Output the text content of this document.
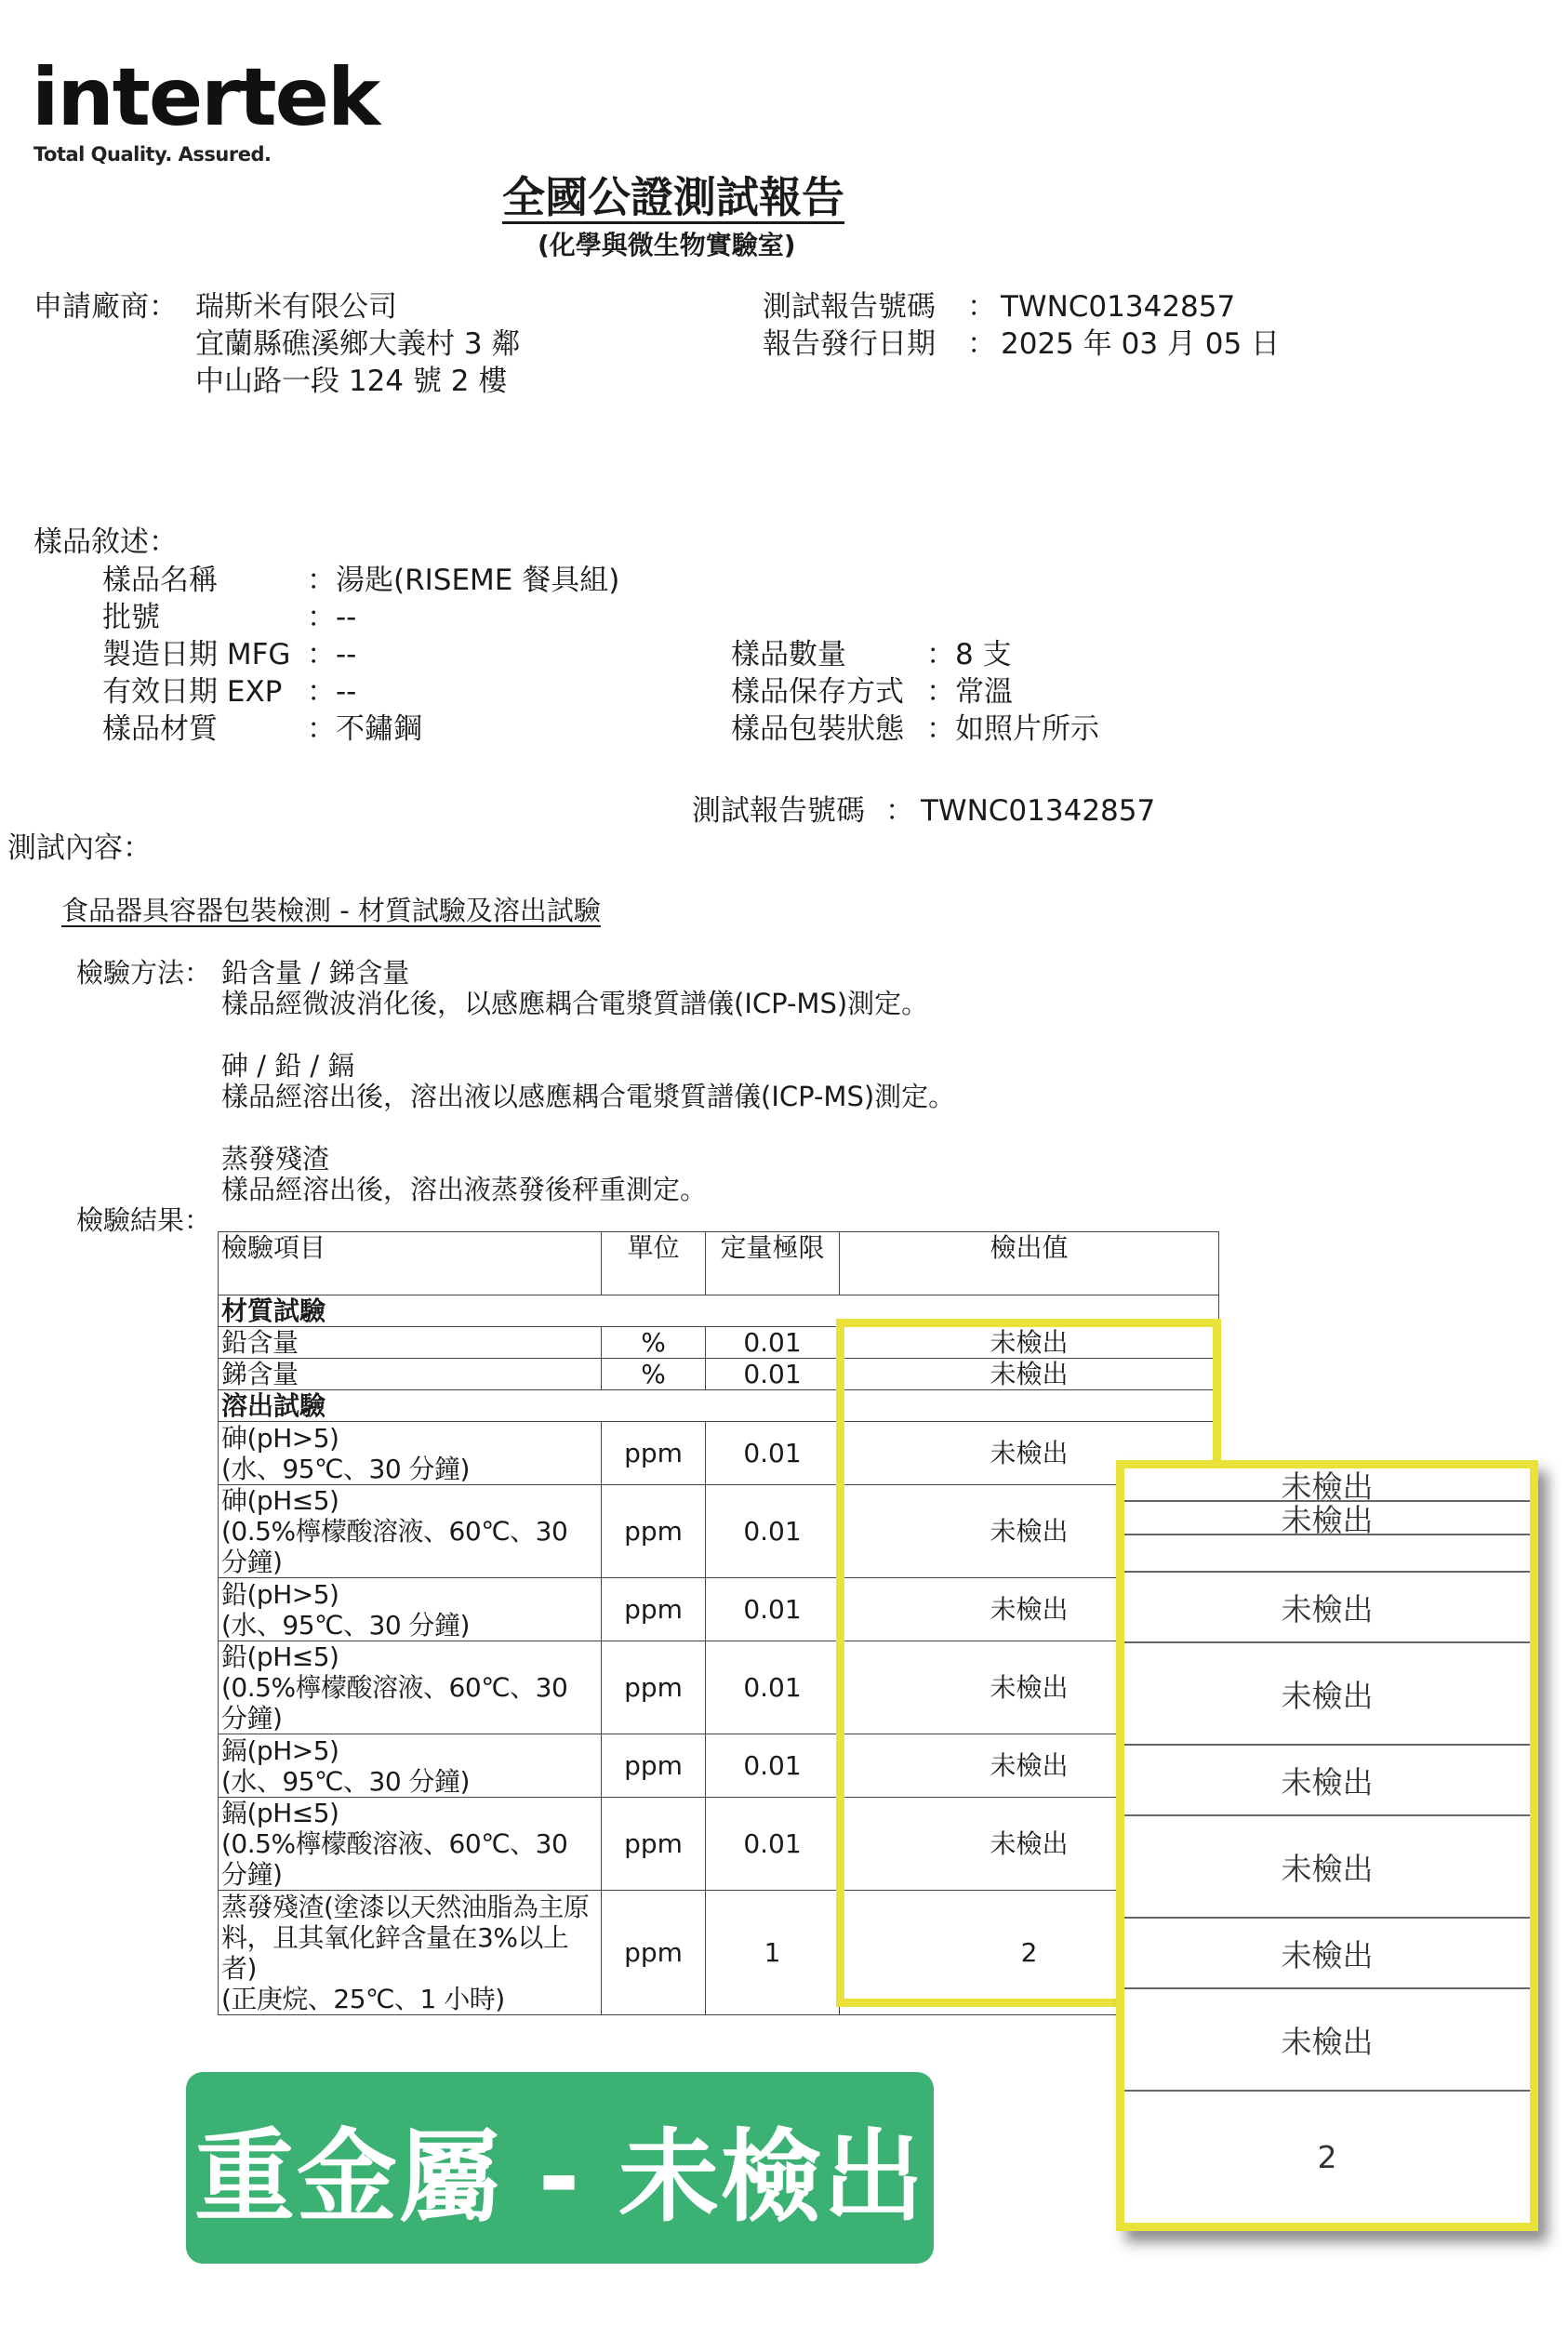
intertek
Total Quality. Assured.
全國公證測試報告
(化學與微生物實驗室)
申請廠商： 瑞斯米有限公司
宜蘭縣礁溪鄉大義村 3 鄰
中山路一段 124 號 2 樓
測試報告號碼 ： TWNC01342857
報告發行日期 ： 2025 年 03 月 05 日
樣品敘述：
樣品名稱	：湯匙(RISEME 餐具組)
批號	：--
製造日期 MFG ：--
有效日期 EXP ：--
樣品材質	：不鏽鋼
樣品數量	：8 支
樣品保存方式 ：常溫
樣品包裝狀態 ：如照片所示
測試報告號碼 ： TWNC01342857
測試內容：
食品器具容器包裝檢測 - 材質試驗及溶出試驗
檢驗方法： 鉛含量 / 銻含量
樣品經微波消化後，以感應耦合電漿質譜儀(ICP-MS)測定。
砷 / 鉛 / 鎘
樣品經溶出後，溶出液以感應耦合電漿質譜儀(ICP-MS)測定。
蒸發殘渣
樣品經溶出後，溶出液蒸發後秤重測定。
檢驗結果：
檢驗項目	單位	定量極限	檢出值
材質試驗			
鉛含量	%	0.01	未檢出
銻含量	%	0.01	未檢出
溶出試驗			
砷(pH>5)
(水、95℃、30 分鐘)	ppm	0.01	未檢出
砷(pH≤5)
(0.5%檸檬酸溶液、60℃、30 分鐘)	ppm	0.01	未檢出
鉛(pH>5)
(水、95℃、30 分鐘)	ppm	0.01	未檢出
鉛(pH≤5)
(0.5%檸檬酸溶液、60℃、30 分鐘)	ppm	0.01	未檢出
鎘(pH>5)
(水、95℃、30 分鐘)	ppm	0.01	未檢出
鎘(pH≤5)
(0.5%檸檬酸溶液、60℃、30 分鐘)	ppm	0.01	未檢出
蒸發殘渣(塗漆以天然油脂為主原料，且其氧化鋅含量在3%以上者)
(正庚烷、25℃、1 小時)	ppm	1	2
未檢出
未檢出
未檢出
未檢出
未檢出
未檢出
未檢出
未檢出
2
重金屬 - 未檢出
